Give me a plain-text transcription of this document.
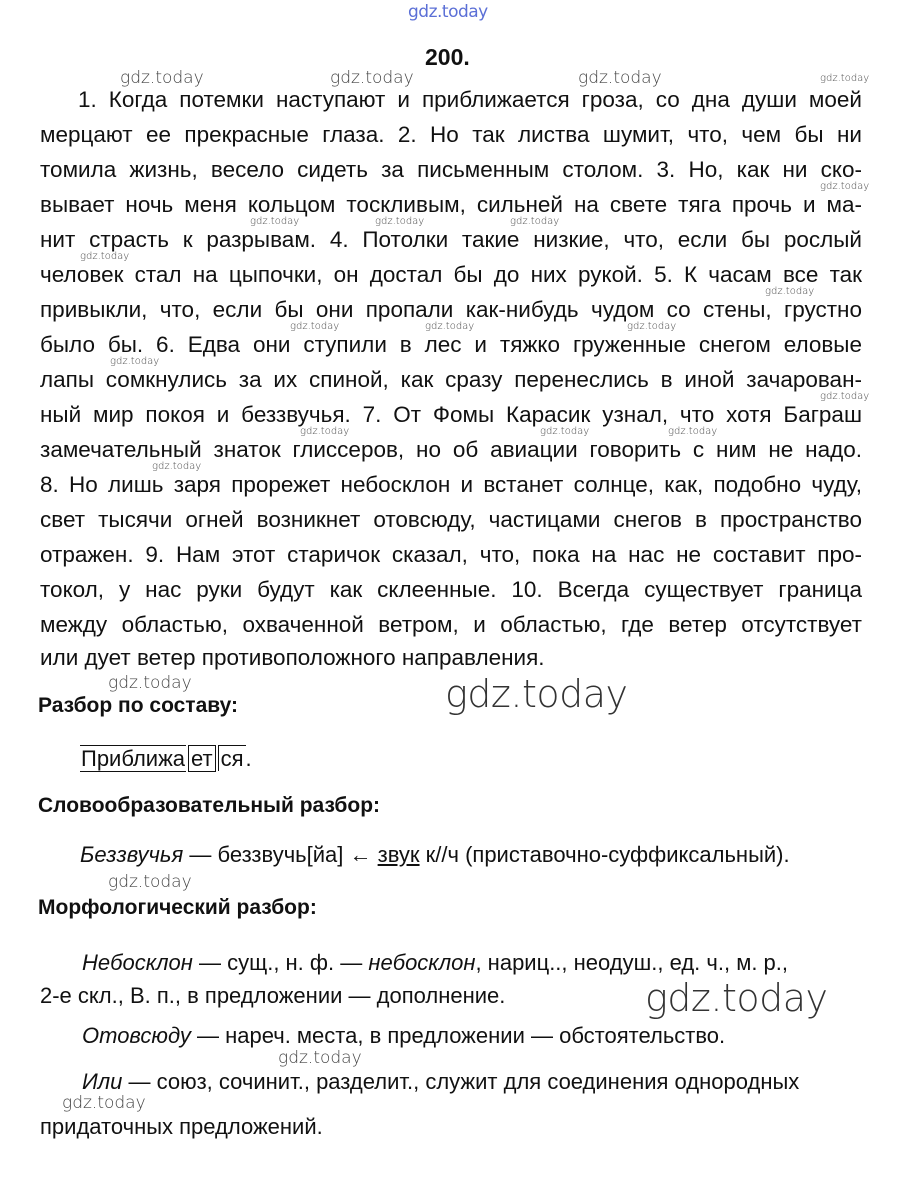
gdz.today
200.
1. Когда потемки наступают и приближается гроза, со дна души моей
мерцают ее прекрасные глаза. 2. Но так листва шумит, что, чем бы ни
томила жизнь, весело сидеть за письменным столом. 3. Но, как ни ско-
вывает ночь меня кольцом тоскливым, сильней на свете тяга прочь и ма-
нит страсть к разрывам. 4. Потолки такие низкие, что, если бы рослый
человек стал на цыпочки, он достал бы до них рукой. 5. К часам все так
привыкли, что, если бы они пропали как-нибудь чудом со стены, грустно
было бы. 6. Едва они ступили в лес и тяжко груженные снегом еловые
лапы сомкнулись за их спиной, как сразу перенеслись в иной зачарован-
ный мир покоя и беззвучья. 7. От Фомы Карасик узнал, что хотя Баграш
замечательный знаток глиссеров, но об авиации говорить с ним не надо.
8. Но лишь заря прорежет небосклон и встанет солнце, как, подобно чуду,
свет тысячи огней возникнет отовсюду, частицами снегов в пространство
отражен. 9. Нам этот старичок сказал, что, пока на нас не составит про-
токол, у нас руки будут как склеенные. 10. Всегда существует граница
между областью, охваченной ветром, и областью, где ветер отсутствует
или дует ветер противоположного направления.
gdz.today	gdz.today	gdz.today	gdz.today
gdz.today
gdz.today	gdz.today	gdz.today
gdz.today
gdz.today
gdz.today	gdz.today	gdz.today
gdz.today
gdz.today
gdz.today	gdz.today	gdz.today
gdz.today
gdz.today	gdz.today
gdz.today
gdz.today
gdz.today
gdz.today
Разбор по составу:
Приближа ет ся.
Словообразовательный разбор:
Беззвучья — беззвучь[йа] ← звук к//ч (приставочно-суффиксальный).
Морфологический разбор:
Небосклон — сущ., н. ф. — небосклон, нариц.., неодуш., ед. ч., м. р.,
2-е скл., В. п., в предложении — дополнение.
Отовсюду — нареч. места, в предложении — обстоятельство.
Или — союз, сочинит., разделит., служит для соединения однородных
придаточных предложений.
